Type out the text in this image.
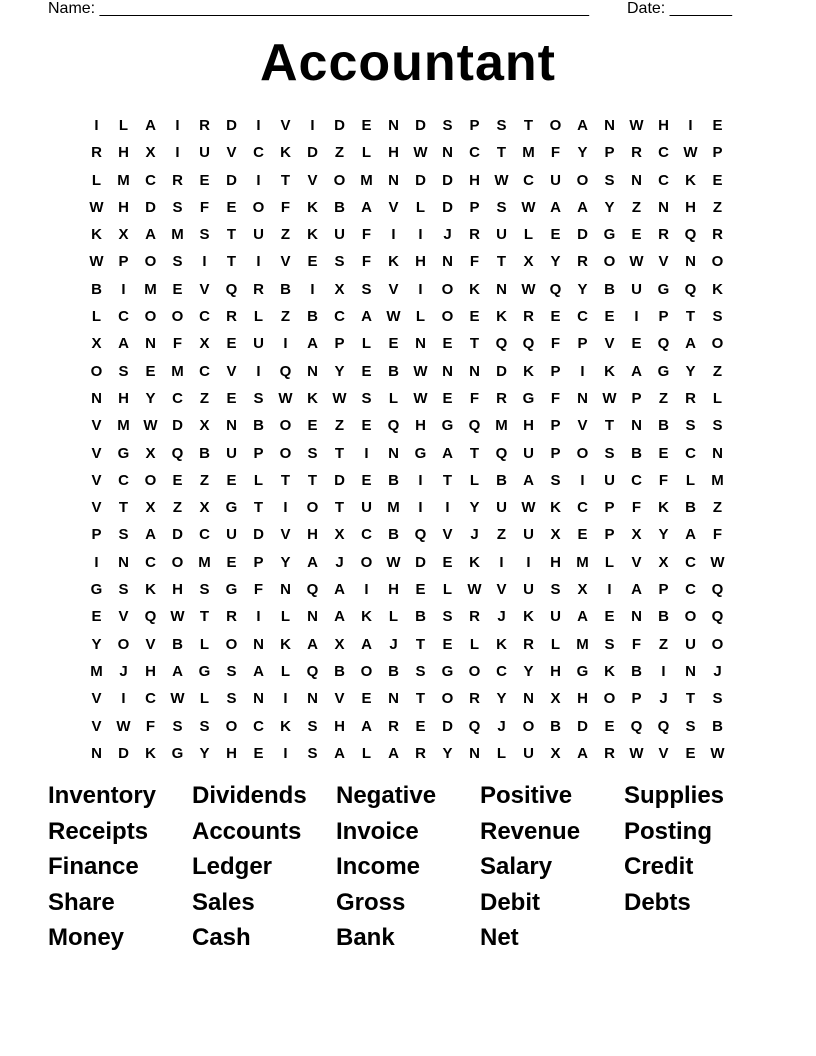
Name: _______________________________________________________ Date: _______
Accountant
I	L	A	I	R	D	I	V	I	D	E	N	D	S	P	S	T	O	A	N W H	I	E
R	H	X	I	U	V	C	K	D	Z	L	H W N	C	T	M	F	Y	P	R	C W P
L	M	C	R	E	D	I	T	V	O M	N	D	D	H W C	U	O	S	N	C	K	E
W H	D	S	F	E	O	F	K	B	A	V	L	D	P	S W A	A	Y	Z	N	H	Z
K	X	A	M	S	T	U	Z	K	U	F	I	I	J	R	U	L	E	D	G	E	R	Q	R
W P	O	S	I	T	I	V	E	S	F	K	H	N	F	T	X	Y	R	O W V	N	O
B	I	M	E	V	Q	R	B	I	X	S	V	I	O	K	N W Q	Y	B	U	G	Q	K
L	C	O	O	C	R	L	Z	B	C	A W	L	O	E	K	R	E	C	E	I	P	T	S
X	A	N	F	X	E	U	I	A	P	L	E	N	E	T	Q	Q	F	P	V	E	Q	A	O
O	S	E	M	C	V	I	Q	N	Y	E	B W N	N	D	K	P	I	K	A	G	Y	Z
N	H	Y	C	Z	E	S W K W S	L	W E	F	R	G	F	N W P	Z	R	L
V	M W D	X	N	B	O	E	Z	E	Q	H	G	Q M	H	P	V	T	N	B	S	S
V	G	X	Q	B	U	P	O	S	T	I	N	G	A	T	Q	U	P	O	S	B	E	C	N
V	C	O	E	Z	E	L	T	T	D	E	B	I	T	L	B	A	S	I	U	C	F	L	M
V	T	X	Z	X	G	T	I	O	T	U	M	I	I	Y	U W K	C	P	F	K	B	Z
P	S	A	D	C	U	D	V	H	X	C	B	Q	V	J	Z	U	X	E	P	X	Y	A	F
I	N	C	O M	E	P	Y	A	J	O W D	E	K	I	I	H	M	L	V	X	C W
G	S	K	H	S	G	F	N	Q	A	I	H	E	L	W V	U	S	X	I	A	P	C	Q
E	V	Q W	T	R	I	L	N	A	K	L	B	S	R	J	K	U	A	E	N	B	O	Q
Y	O	V	B	L	O	N	K	A	X	A	J	T	E	L	K	R	L	M	S	F	Z	U	O
M	J	H	A	G	S	A	L	Q	B	O	B	S	G	O	C	Y	H	G	K	B	I	N	J
V	I	C W	L	S	N	I	N	V	E	N	T	O	R	Y	N	X	H	O	P	J	T	S
V W	F	S	S	O	C	K	S	H	A	R	E	D	Q	J	O	B	D	E	Q	Q	S	B
N	D	K	G	Y	H	E	I	S	A	L	A	R	Y	N	L	U	X	A	R W V	E W
Inventory	Dividends	Negative	Positive	Supplies
Receipts	Accounts	Invoice	Revenue	Posting
Finance	Ledger	Income	Salary	Credit
Share	Sales	Gross	Debit	Debts
Money	Cash	Bank	Net
